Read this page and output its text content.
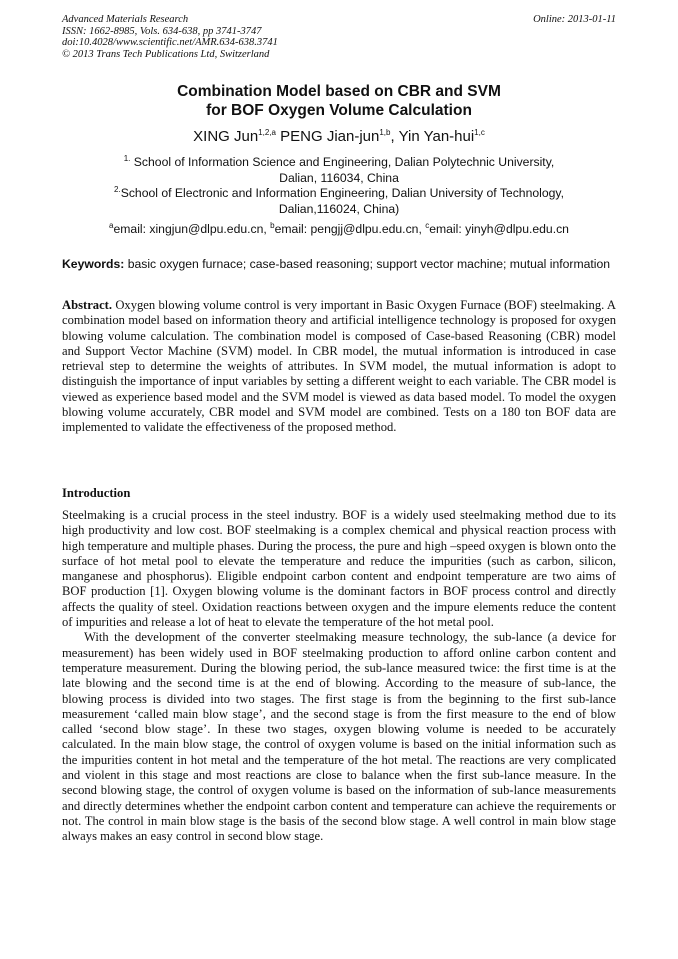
Advanced Materials Research
ISSN: 1662-8985, Vols. 634-638, pp 3741-3747
doi:10.4028/www.scientific.net/AMR.634-638.3741
© 2013 Trans Tech Publications Ltd, Switzerland
Online: 2013-01-11
Combination Model based on CBR and SVM
for BOF Oxygen Volume Calculation
XING Jun$^{1,2,a}$ PENG Jian-jun$^{1,b}$, Yin Yan-hui$^{1,c}$
$^{1.}$ School of Information Science and Engineering, Dalian Polytechnic University,
Dalian, 116034, China
$^{2.}$School of Electronic and Information Engineering, Dalian University of Technology,
Dalian,116024, China)
$^a$email: xingjun@dlpu.edu.cn, $^b$email: pengjj@dlpu.edu.cn, $^c$email: yinyh@dlpu.edu.cn
Keywords: basic oxygen furnace; case-based reasoning; support vector machine; mutual information
Abstract. Oxygen blowing volume control is very important in Basic Oxygen Furnace (BOF) steelmaking. A combination model based on information theory and artificial intelligence technology is proposed for oxygen blowing volume calculation. The combination model is composed of Case-based Reasoning (CBR) model and Support Vector Machine (SVM) model. In CBR model, the mutual information is introduced in case retrieval step to determine the weights of attributes. In SVM model, the mutual information is adopt to distinguish the importance of input variables by setting a different weight to each variable. The CBR model is viewed as experience based model and the SVM model is viewed as data based model. To model the oxygen blowing volume accurately, CBR model and SVM model are combined. Tests on a 180 ton BOF data are implemented to validate the effectiveness of the proposed method.
Introduction

Steelmaking is a crucial process in the steel industry. BOF is a widely used steelmaking method due to its high productivity and low cost. BOF steelmaking is a complex chemical and physical reaction process with high temperature and multiple phases. During the process, the pure and high –speed oxygen is blown onto the surface of hot metal pool to elevate the temperature and reduce the impurities (such as carbon, silicon, manganese and phosphorus). Eligible endpoint carbon content and endpoint temperature are two aims of BOF production [1]. Oxygen blowing volume is the dominant factors in BOF process control and directly affects the quality of steel. Oxidation reactions between oxygen and the impure elements reduce the content of impurities and release a lot of heat to elevate the temperature of the hot metal pool.

With the development of the converter steelmaking measure technology, the sub-lance (a device for measurement) has been widely used in BOF steelmaking production to afford online carbon content and temperature measurement. During the blowing period, the sub-lance measured twice: the first time is at the late blowing and the second time is at the end of blowing. According to the measure of sub-lance, the blowing process is divided into two stages. The first stage is from the beginning to the first sub-lance measurement ‘called main blow stage’, and the second stage is from the first measure to the end of blow called ‘second blow stage’. In these two stages, oxygen blowing volume is needed to be accurately calculated. In the main blow stage, the control of oxygen volume is based on the initial information such as the impurities content in hot metal and the temperature of the hot metal. The reactions are very complicated and violent in this stage and most reactions are close to balance when the first sub-lance measure. In the second blowing stage, the control of oxygen volume is based on the information of sub-lance measurements and directly determines whether the endpoint carbon content and temperature can achieve the requirements or not. The control in main blow stage is the basis of the second blow stage. A well control in main blow stage always makes an easy control in second blow stage.
